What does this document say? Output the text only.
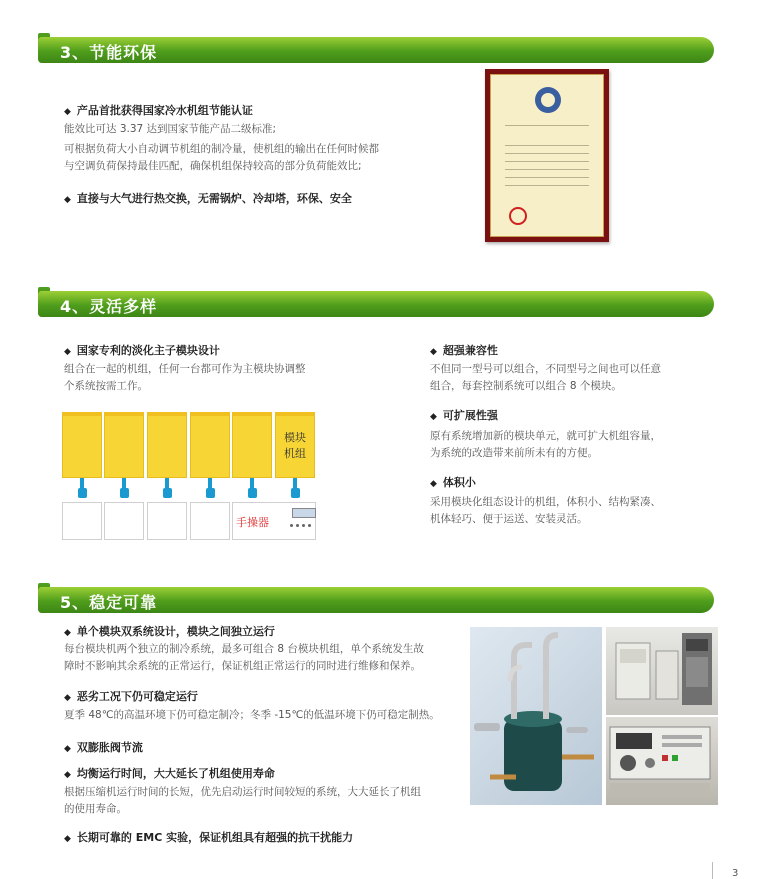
3、节能环保
◆ 产品首批获得国家冷水机组节能认证
能效比可达 3.37 达到国家节能产品二级标准;
可根据负荷大小自动调节机组的制冷量，使机组的输出在任何时候都
与空调负荷保持最佳匹配，确保机组保持较高的部分负荷能效比;
◆ 直接与大气进行热交换，无需锅炉、冷却塔，环保、安全
4、灵活多样
◆ 国家专利的淡化主子模块设计
组合在一起的机组，任何一台都可作为主模块协调整
个系统按需工作。
模块
机组
手操器
◆ 超强兼容性
不但同一型号可以组合，不同型号之间也可以任意
组合，每套控制系统可以组合 8 个模块。
◆ 可扩展性强
原有系统增加新的模块单元，就可扩大机组容量，
为系统的改造带来前所未有的方便。
◆ 体积小
采用模块化组态设计的机组，体积小、结构紧凑、
机体轻巧、便于运送、安装灵活。
5、稳定可靠
◆ 单个模块双系统设计，模块之间独立运行
每台模块机两个独立的制冷系统，最多可组合 8 台模块机组，单个系统发生故
障时不影响其余系统的正常运行，保证机组正常运行的同时进行维修和保养。
◆ 恶劣工况下仍可稳定运行
夏季 48℃的高温环境下仍可稳定制冷；冬季 -15℃的低温环境下仍可稳定制热。
◆ 双膨胀阀节流
◆ 均衡运行时间，大大延长了机组使用寿命
根据压缩机运行时间的长短，优先启动运行时间较短的系统，大大延长了机组
的使用寿命。
◆ 长期可靠的 EMC 实验，保证机组具有超强的抗干扰能力
3
